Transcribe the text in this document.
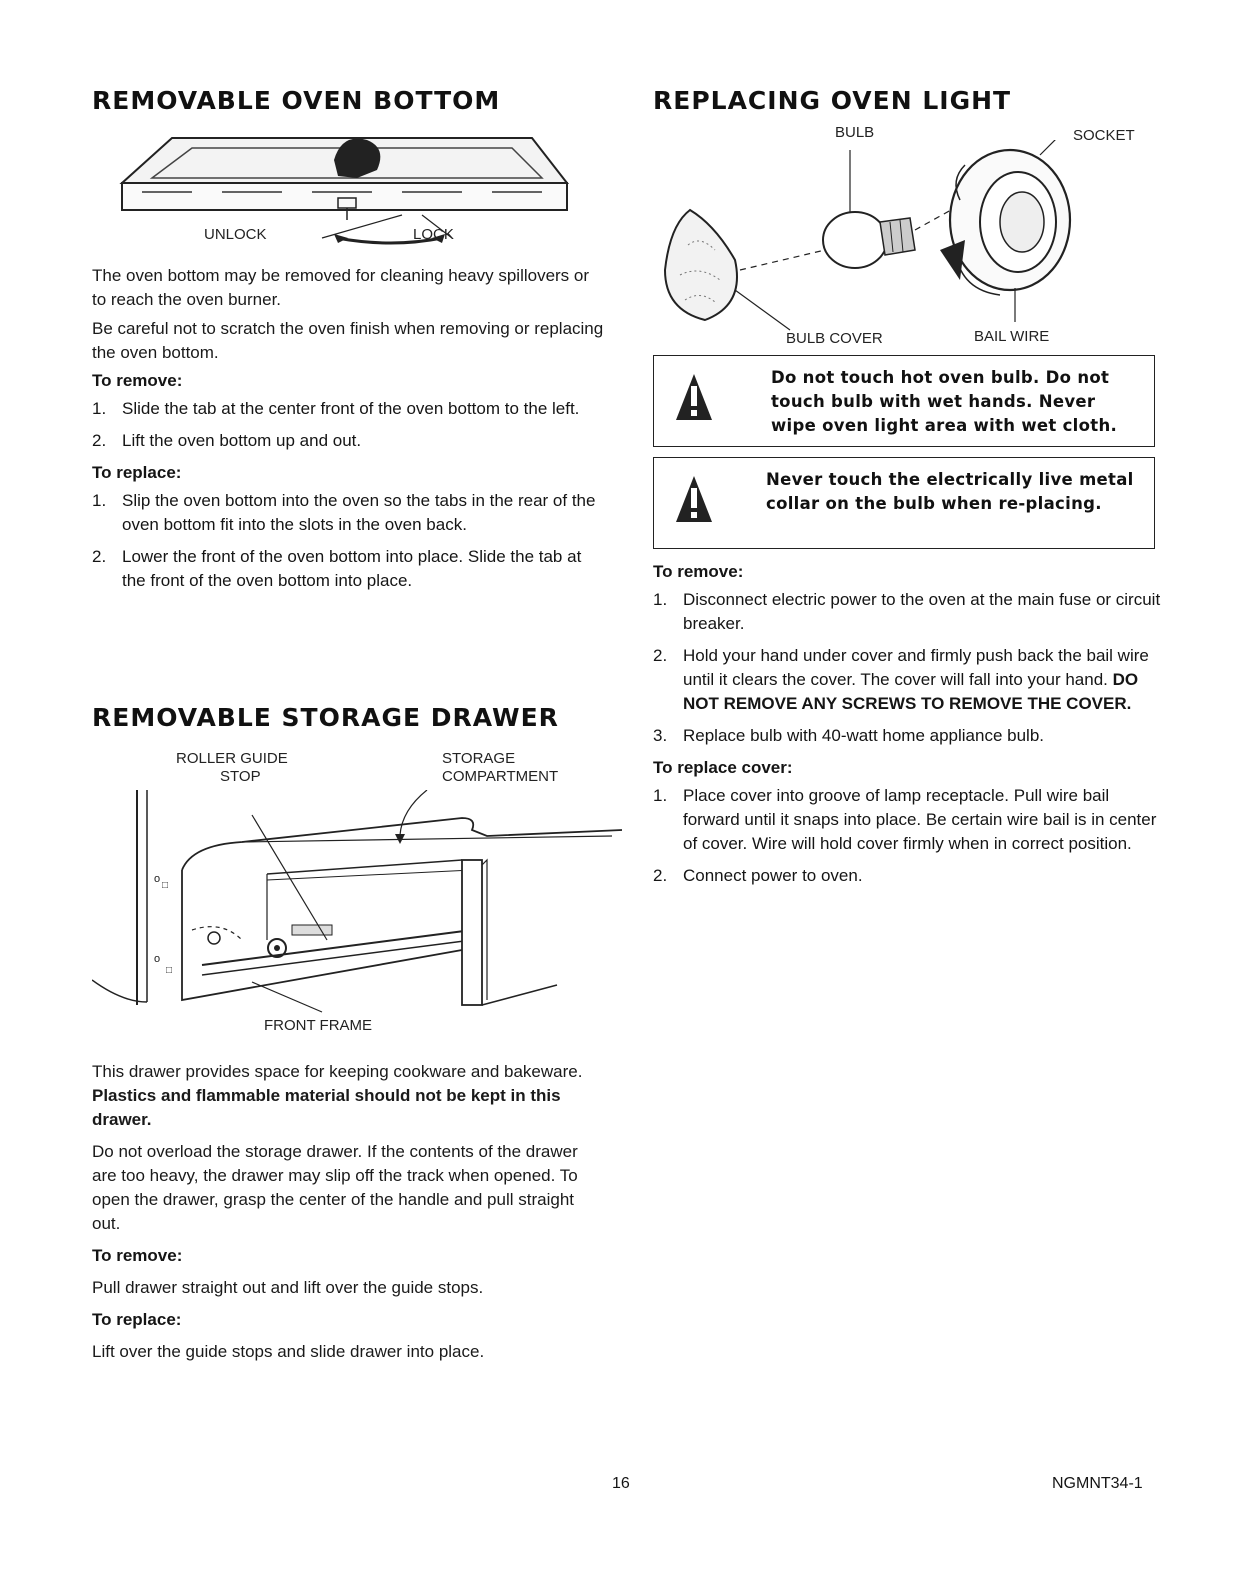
REMOVABLE OVEN BOTTOM
UNLOCK	LOCK

The oven bottom may be removed for cleaning heavy spillovers or to reach the oven burner.

Be careful not to scratch the oven finish when removing or replacing the oven bottom.

To remove:

1. Slide the tab at the center front of the oven bottom to the left.
2. Lift the oven bottom up and out.

To replace:

1. Slip the oven bottom into the oven so the tabs in the rear of the oven bottom fit into the slots in the oven back.
2. Lower the front of the oven bottom into place. Slide the tab at the front of the oven bottom into place.
REMOVABLE STORAGE DRAWER
o
□
o
□
ROLLER GUIDE
STOP
STORAGE
COMPARTMENT
FRONT FRAME

This drawer provides space for keeping cookware and bakeware. Plastics and flammable material should not be kept in this drawer.

Do not overload the storage drawer. If the contents of the drawer are too heavy, the drawer may slip off the track when opened. To open the drawer, grasp the center of the handle and pull straight out.

To remove:

Pull drawer straight out and lift over the guide stops.

To replace:

Lift over the guide stops and slide drawer into place.

REPLACING OVEN LIGHT
BULB	SOCKET
BULB COVER	BAIL WIRE
Do not touch hot oven bulb. Do not touch bulb with wet hands. Never wipe oven light area with wet cloth.
Never touch the electrically live metal collar on the bulb when re-placing.

To remove:

1. Disconnect electric power to the oven at the main fuse or circuit breaker.
2. Hold your hand under cover and firmly push back the bail wire until it clears the cover. The cover will fall into your hand. DO NOT REMOVE ANY SCREWS TO REMOVE THE COVER.
3. Replace bulb with 40-watt home appliance bulb.

To replace cover:

1. Place cover into groove of lamp receptacle. Pull wire bail forward until it snaps into place. Be certain wire bail is in center of cover. Wire will hold cover firmly when in correct position.
2. Connect power to oven.
16	NGMNT34-1
